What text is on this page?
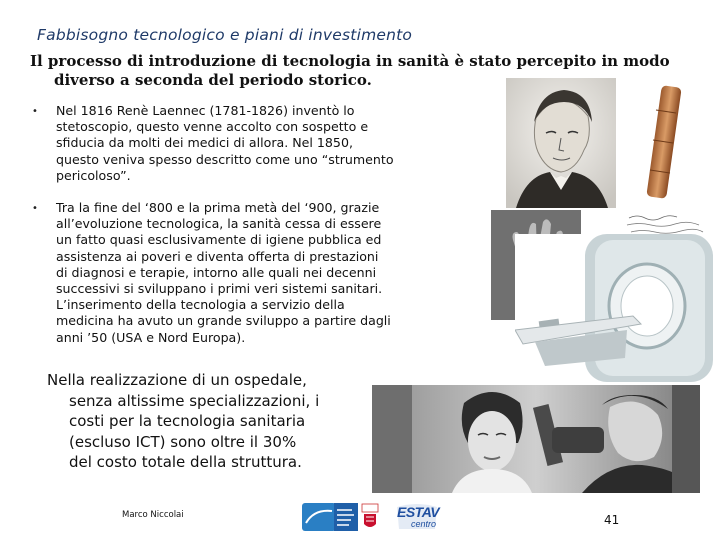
Fabbisogno tecnologico e piani di investimento
Il processo di introduzione di tecnologia in sanità è stato percepito in modo
diverso a seconda del periodo storico.
• Nel 1816 Renè Laennec (1781-1826) inventò lo
stetoscopio, questo venne accolto con sospetto e
sfiducia da molti dei medici di allora. Nel 1850,
questo veniva spesso descritto come uno “strumento
pericoloso”.
• Tra la fine del ‘800 e la prima metà del ‘900, grazie
all’evoluzione tecnologica, la sanità cessa di essere
un fatto quasi esclusivamente di igiene pubblica ed
assistenza ai poveri e diventa offerta di prestazioni
di diagnosi e terapie, intorno alle quali nei decenni
successivi si sviluppano i primi veri sistemi sanitari.
L’inserimento della tecnologia a servizio della
medicina ha avuto un grande sviluppo a partire dagli
anni ’50 (USA e Nord Europa).
Nella realizzazione di un ospedale,
senza altissime specializzazioni, i
costi per la tecnologia sanitaria
(escluso ICT) sono oltre il 30%
del costo totale della struttura.
Marco Niccolai	ESTAV
centro	41
